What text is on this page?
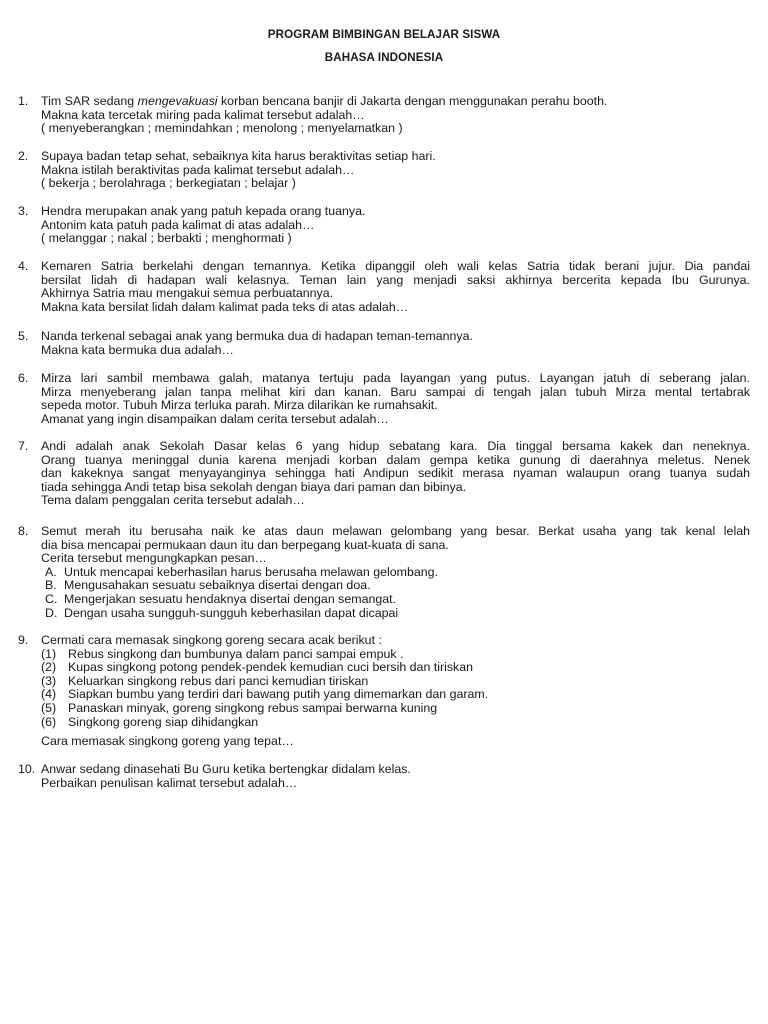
PROGRAM BIMBINGAN BELAJAR SISWA
BAHASA INDONESIA
1.	Tim SAR sedang mengevakuasi korban bencana banjir di Jakarta dengan menggunakan perahu booth.
Makna kata tercetak miring pada kalimat tersebut adalah…
( menyeberangkan ; memindahkan ; menolong ; menyelamatkan )
2.	Supaya badan tetap sehat, sebaiknya kita harus beraktivitas setiap hari.
Makna istilah beraktivitas pada kalimat tersebut adalah…
( bekerja ; berolahraga ; berkegiatan ; belajar )
3.	Hendra merupakan anak yang patuh kepada orang tuanya.
Antonim kata patuh pada kalimat di atas adalah…
( melanggar ; nakal ; berbakti ; menghormati )
4.	Kemaren Satria berkelahi dengan temannya. Ketika dipanggil oleh wali kelas Satria tidak berani jujur. Dia pandai
bersilat lidah di hadapan wali kelasnya. Teman lain yang menjadi saksi akhirnya bercerita kepada Ibu Gurunya.
Akhirnya Satria mau mengakui semua perbuatannya.
Makna kata bersilat lidah dalam kalimat pada teks di atas adalah…
5.	Nanda terkenal sebagai anak yang bermuka dua di hadapan teman-temannya.
Makna kata bermuka dua adalah…
6.	Mirza lari sambil membawa galah, matanya tertuju pada layangan yang putus. Layangan jatuh di seberang jalan.
Mirza menyeberang jalan tanpa melihat kiri dan kanan. Baru sampai di tengah jalan tubuh Mirza mental tertabrak
sepeda motor. Tubuh Mirza terluka parah. Mirza dilarikan ke rumahsakit.
Amanat yang ingin disampaikan dalam cerita tersebut adalah…
7.	Andi adalah anak Sekolah Dasar kelas 6 yang hidup sebatang kara. Dia tinggal bersama kakek dan neneknya.
Orang tuanya meninggal dunia karena menjadi korban dalam gempa ketika gunung di daerahnya meletus. Nenek
dan kakeknya sangat menyayanginya sehingga hati Andipun sedikit merasa nyaman walaupun orang tuanya sudah
tiada sehingga Andi tetap bisa sekolah dengan biaya dari paman dan bibinya.
Tema dalam penggalan cerita tersebut adalah…
8.	Semut merah itu berusaha naik ke atas daun melawan gelombang yang besar. Berkat usaha yang tak kenal lelah
dia bisa mencapai permukaan daun itu dan berpegang kuat-kuata di sana.
Cerita tersebut mengungkapkan pesan…
A. Untuk mencapai keberhasilan harus berusaha melawan gelombang.
B. Mengusahakan sesuatu sebaiknya disertai dengan doa.
C. Mengerjakan sesuatu hendaknya disertai dengan semangat.
D. Dengan usaha sungguh-sungguh keberhasilan dapat dicapai
9.	Cermati cara memasak singkong goreng secara acak berikut :
(1) Rebus singkong dan bumbunya dalam panci sampai empuk .
(2) Kupas singkong potong pendek-pendek kemudian cuci bersih dan tiriskan
(3) Keluarkan singkong rebus dari panci kemudian tiriskan
(4) Siapkan bumbu yang terdiri dari bawang putih yang dimemarkan dan garam.
(5) Panaskan minyak, goreng singkong rebus sampai berwarna kuning
(6) Singkong goreng siap dihidangkan
Cara memasak singkong goreng yang tepat…
10. Anwar sedang dinasehati Bu Guru ketika bertengkar didalam kelas.
Perbaikan penulisan kalimat tersebut adalah…
